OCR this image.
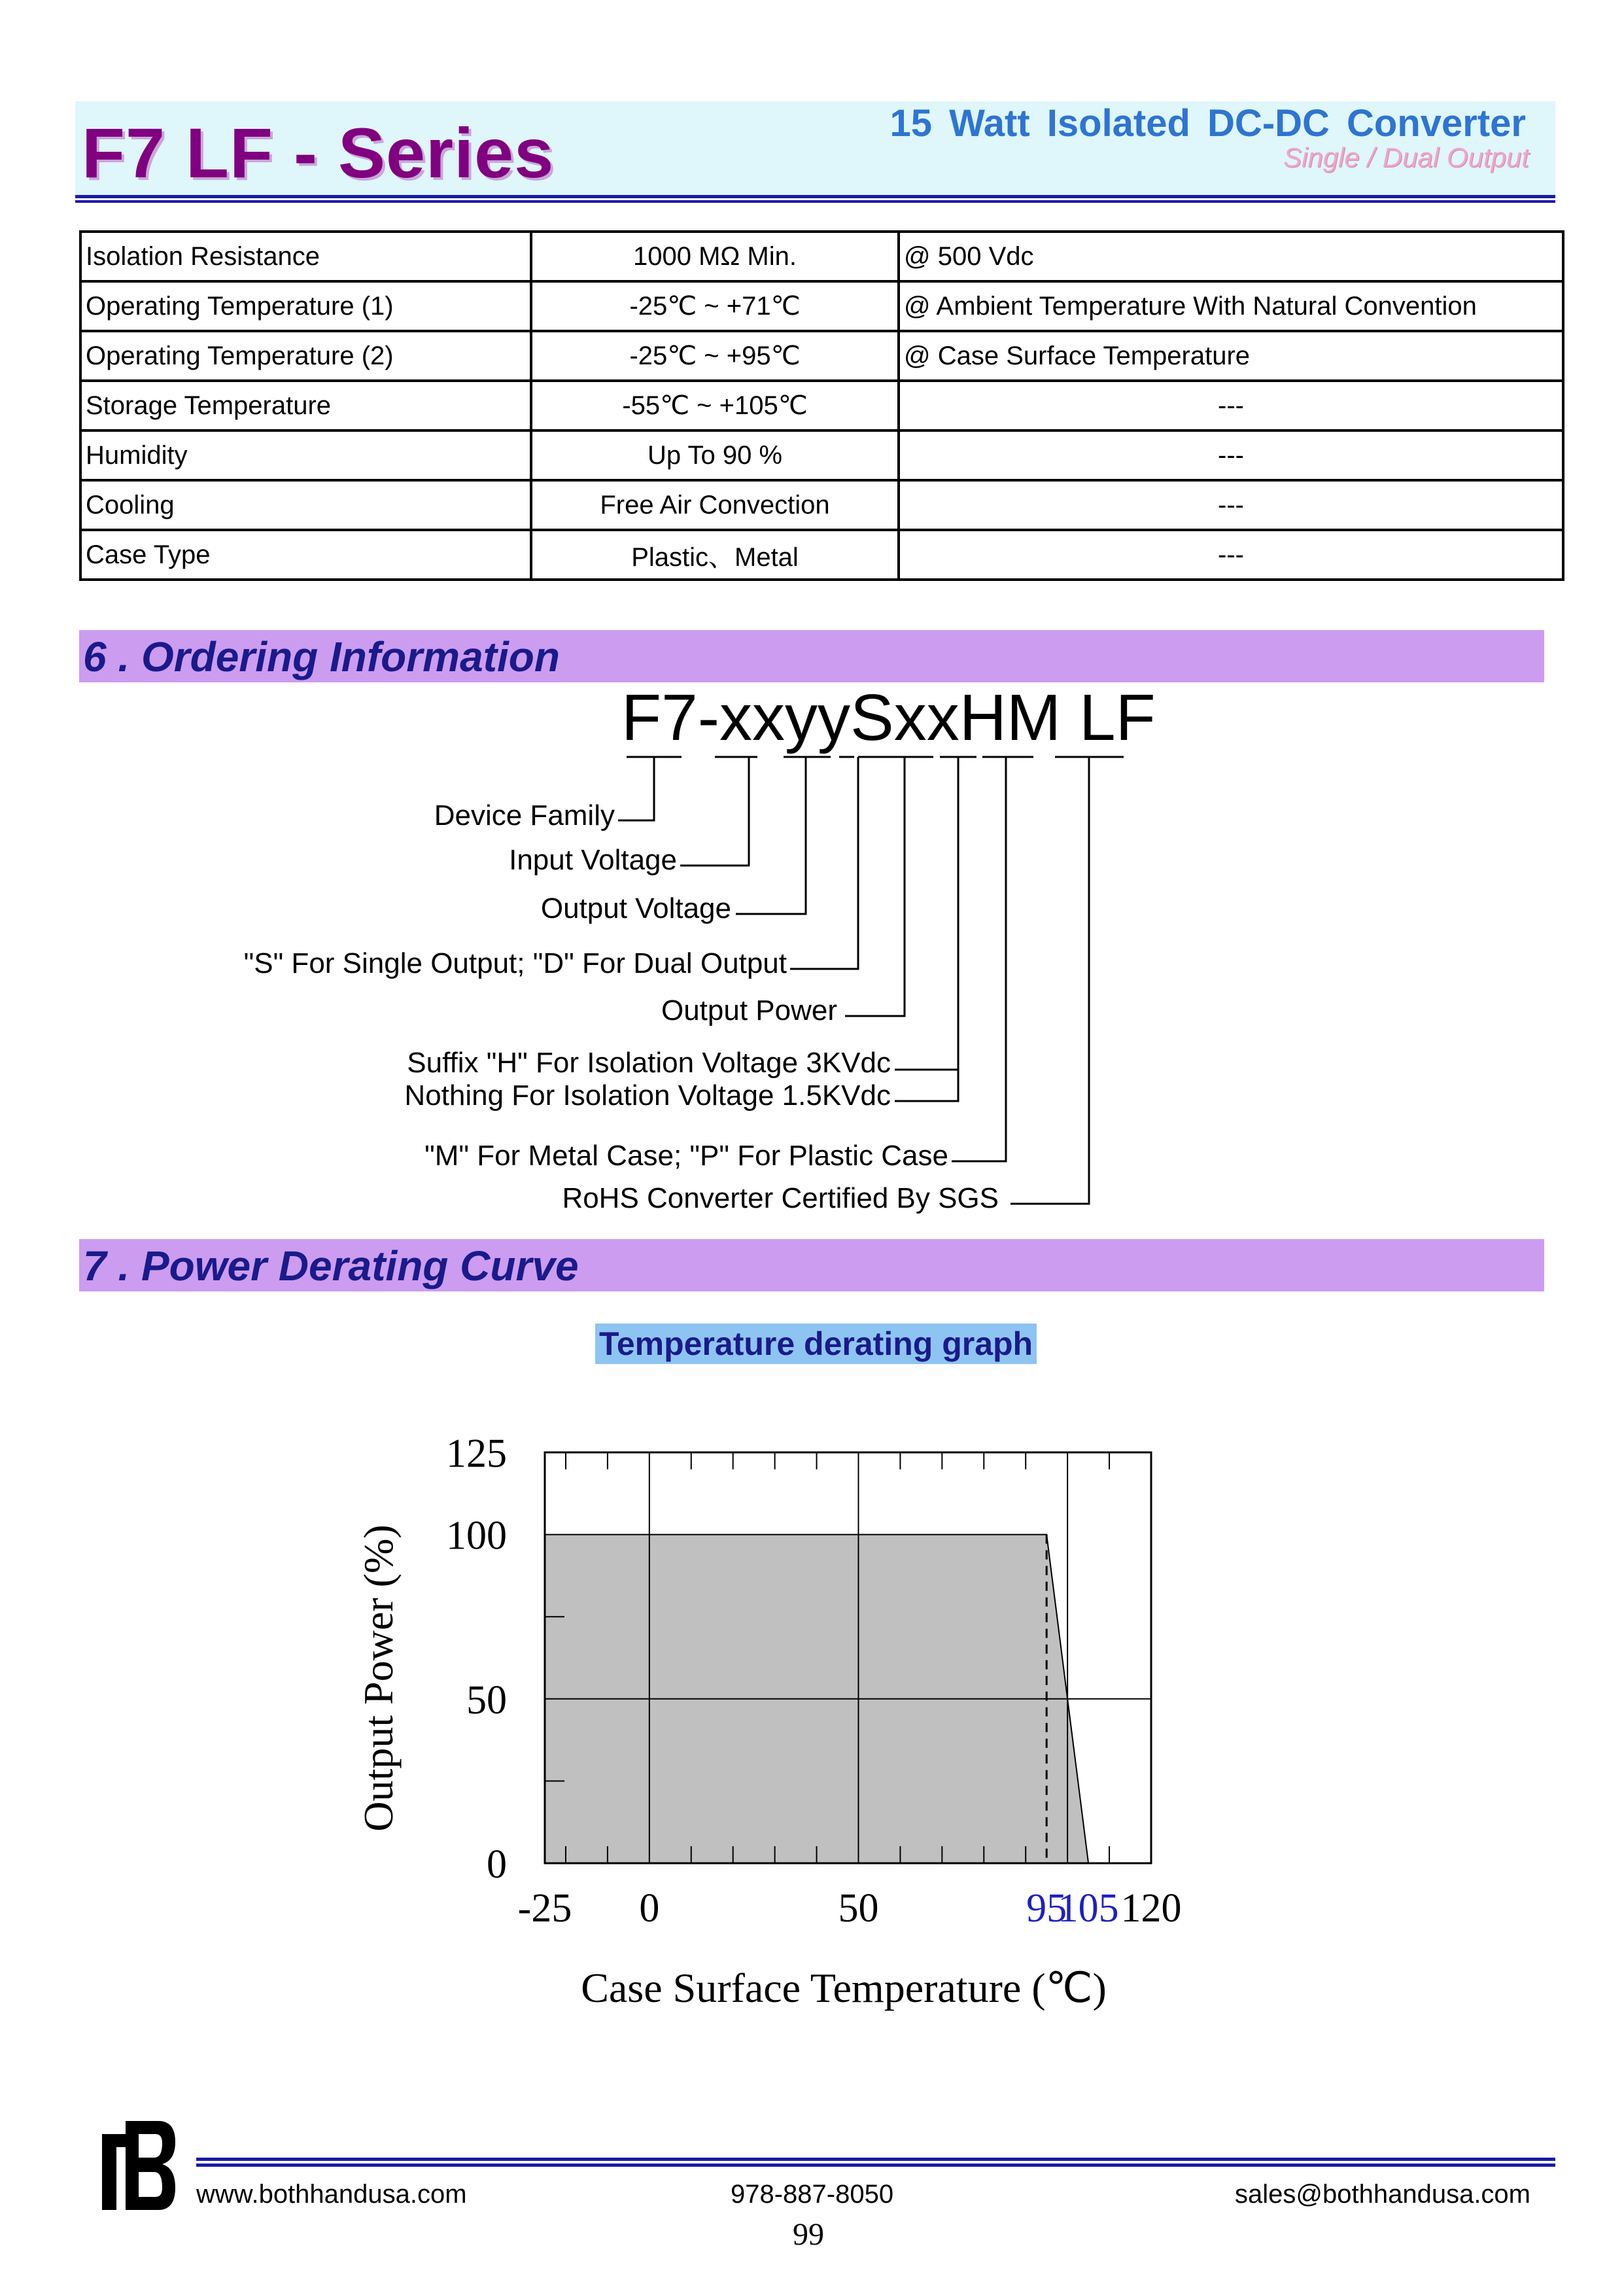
F7 LF - Series	15 Watt Isolated DC-DC Converter
Single / Dual Output
Isolation Resistance	1000 MΩ Min.	@ 500 Vdc
Operating Temperature (1)	-25℃ ~ +71℃	@ Ambient Temperature With Natural Convention
Operating Temperature (2)	-25℃ ~ +95℃	@ Case Surface Temperature
Storage Temperature	-55℃ ~ +105℃	---
Humidity	Up To 90 %	---
Cooling	Free Air Convection	---
Case Type	Plastic、Metal	---
6 . Ordering Information
F7-xxyySxxHM LF
Device Family
Input Voltage
Output Voltage
"S" For Single Output; "D" For Dual Output
Output Power
Suffix "H" For Isolation Voltage 3KVdc
Nothing For Isolation Voltage 1.5KVdc
"M" For Metal Case; "P" For Plastic Case
RoHS Converter Certified By SGS
7 . Power Derating Curve
Temperature derating graph
0
50
100
125
-25 0	50	95
105 120
Case Surface Temperature (℃)
Output Power (%)
www.bothhandusa.com	978-887-8050	sales@bothhandusa.com
99
